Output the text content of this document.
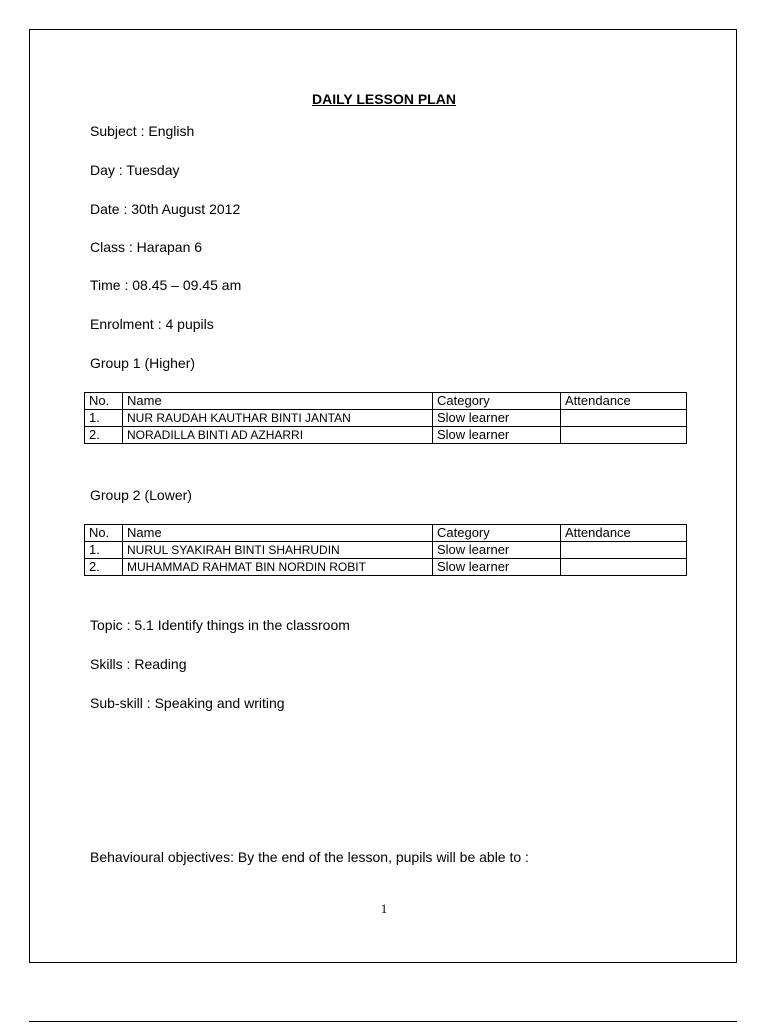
DAILY LESSON PLAN
Subject : English
Day : Tuesday
Date : 30th August 2012
Class : Harapan 6
Time : 08.45 – 09.45 am
Enrolment : 4 pupils
Group 1 (Higher)
No.	Name	Category	Attendance
1.	NUR RAUDAH KAUTHAR BINTI JANTAN	Slow learner	
2.	NORADILLA BINTI AD AZHARRI	Slow learner	
Group 2 (Lower)
No.	Name	Category	Attendance
1.	NURUL SYAKIRAH BINTI SHAHRUDIN	Slow learner	
2.	MUHAMMAD RAHMAT BIN NORDIN ROBIT	Slow learner	
Topic : 5.1 Identify things in the classroom
Skills : Reading
Sub-skill : Speaking and writing
Behavioural objectives: By the end of the lesson, pupils will be able to :
1
